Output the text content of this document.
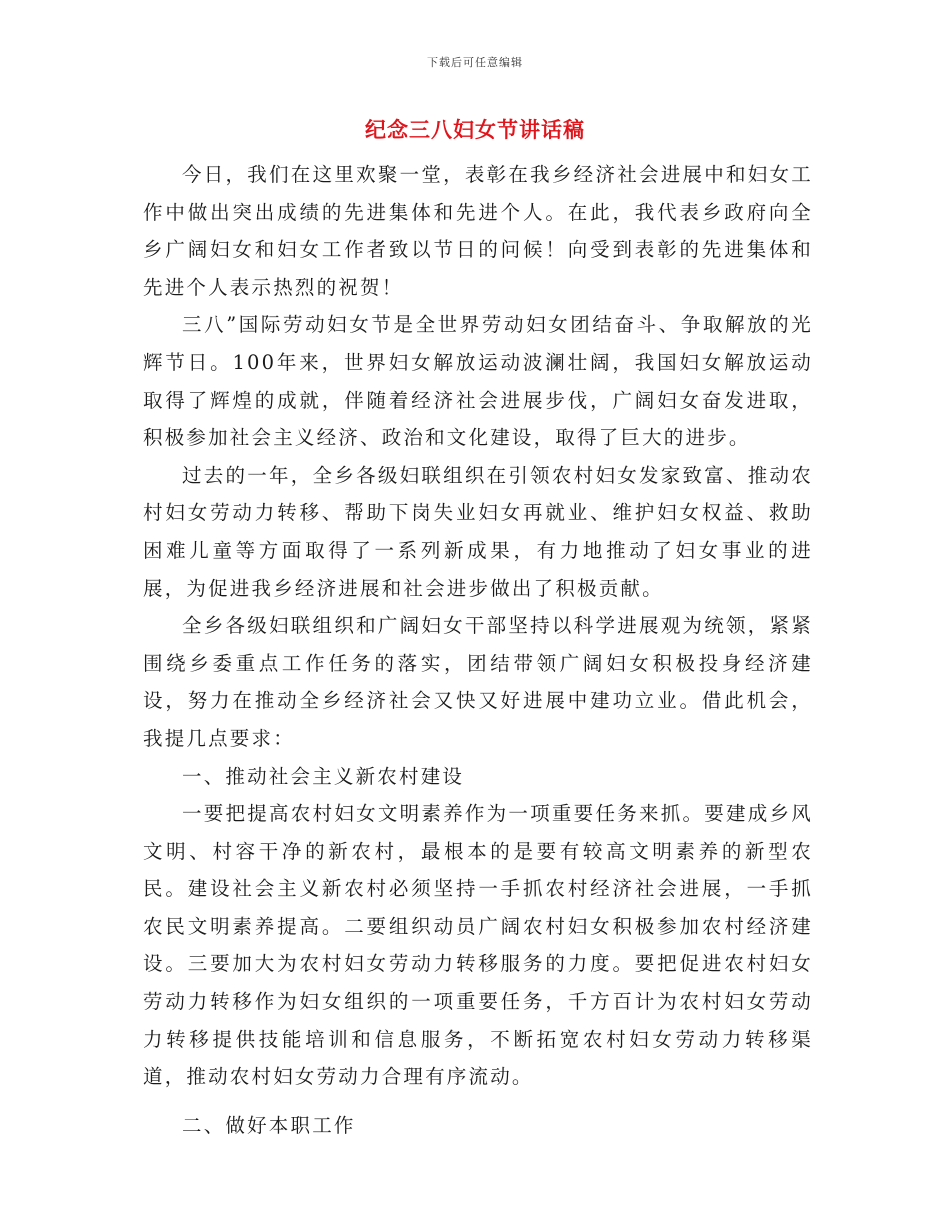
下载后可任意编辑
纪念三八妇女节讲话稿

今日，我们在这里欢聚一堂，表彰在我乡经济社会进展中和妇女工作中做出突出成绩的先进集体和先进个人。在此，我代表乡政府向全乡广阔妇女和妇女工作者致以节日的问候！向受到表彰的先进集体和先进个人表示热烈的祝贺！

三八”国际劳动妇女节是全世界劳动妇女团结奋斗、争取解放的光辉节日。100年来，世界妇女解放运动波澜壮阔，我国妇女解放运动取得了辉煌的成就，伴随着经济社会进展步伐，广阔妇女奋发进取，积极参加社会主义经济、政治和文化建设，取得了巨大的进步。

过去的一年，全乡各级妇联组织在引领农村妇女发家致富、推动农村妇女劳动力转移、帮助下岗失业妇女再就业、维护妇女权益、救助困难儿童等方面取得了一系列新成果，有力地推动了妇女事业的进展，为促进我乡经济进展和社会进步做出了积极贡献。

全乡各级妇联组织和广阔妇女干部坚持以科学进展观为统领，紧紧围绕乡委重点工作任务的落实，团结带领广阔妇女积极投身经济建设，努力在推动全乡经济社会又快又好进展中建功立业。借此机会，我提几点要求：

一、推动社会主义新农村建设

一要把提高农村妇女文明素养作为一项重要任务来抓。要建成乡风文明、村容干净的新农村，最根本的是要有较高文明素养的新型农民。建设社会主义新农村必须坚持一手抓农村经济社会进展，一手抓农民文明素养提高。二要组织动员广阔农村妇女积极参加农村经济建设。三要加大为农村妇女劳动力转移服务的力度。要把促进农村妇女劳动力转移作为妇女组织的一项重要任务，千方百计为农村妇女劳动力转移提供技能培训和信息服务，不断拓宽农村妇女劳动力转移渠道，推动农村妇女劳动力合理有序流动。

二、做好本职工作
